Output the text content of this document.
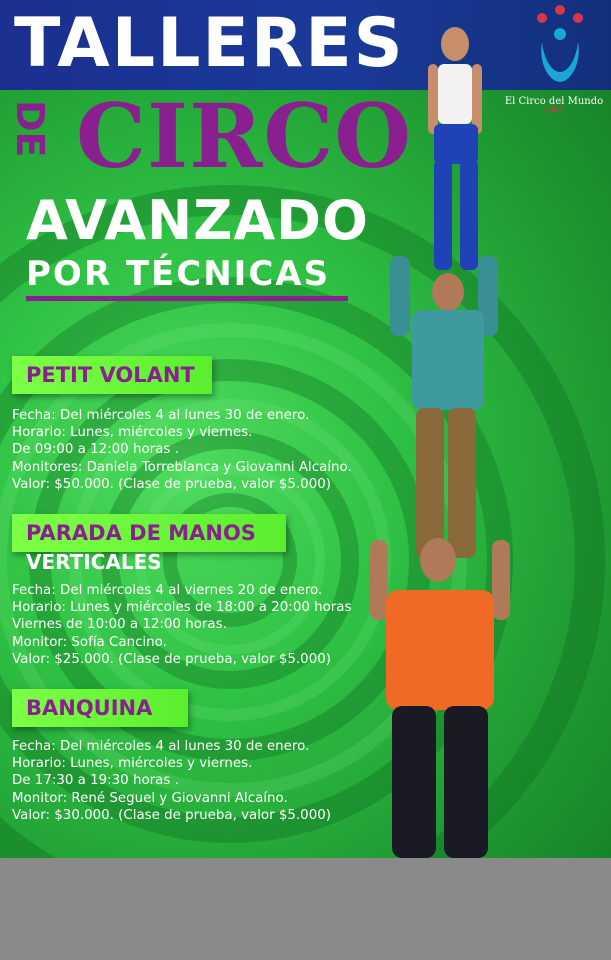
TALLERES
El Circo del Mundo
CHILE
DE CIRCO
AVANZADO
POR TÉCNICAS
PETIT VOLANT
Fecha: Del miércoles 4 al lunes 30 de enero.
Horario: Lunes, miércoles y viernes.
De 09:00 a 12:00 horas .
Monitores: Daniela Torreblanca y Giovanni Alcaíno.
Valor: $50.000. (Clase de prueba, valor $5.000)
PARADA DE MANOS
VERTICALES
Fecha: Del miércoles 4 al viernes 20 de enero.
Horario: Lunes y miércoles de 18:00 a 20:00 horas
Viernes de 10:00 a 12:00 horas.
Monitor: Sofía Cancino.
Valor: $25.000. (Clase de prueba, valor $5.000)
BANQUINA
Fecha: Del miércoles 4 al lunes 30 de enero.
Horario: Lunes, miércoles y viernes.
De 17:30 a 19:30 horas .
Monitor: René Seguel y Giovanni Alcaíno.
Valor: $30.000. (Clase de prueba, valor $5.000)
